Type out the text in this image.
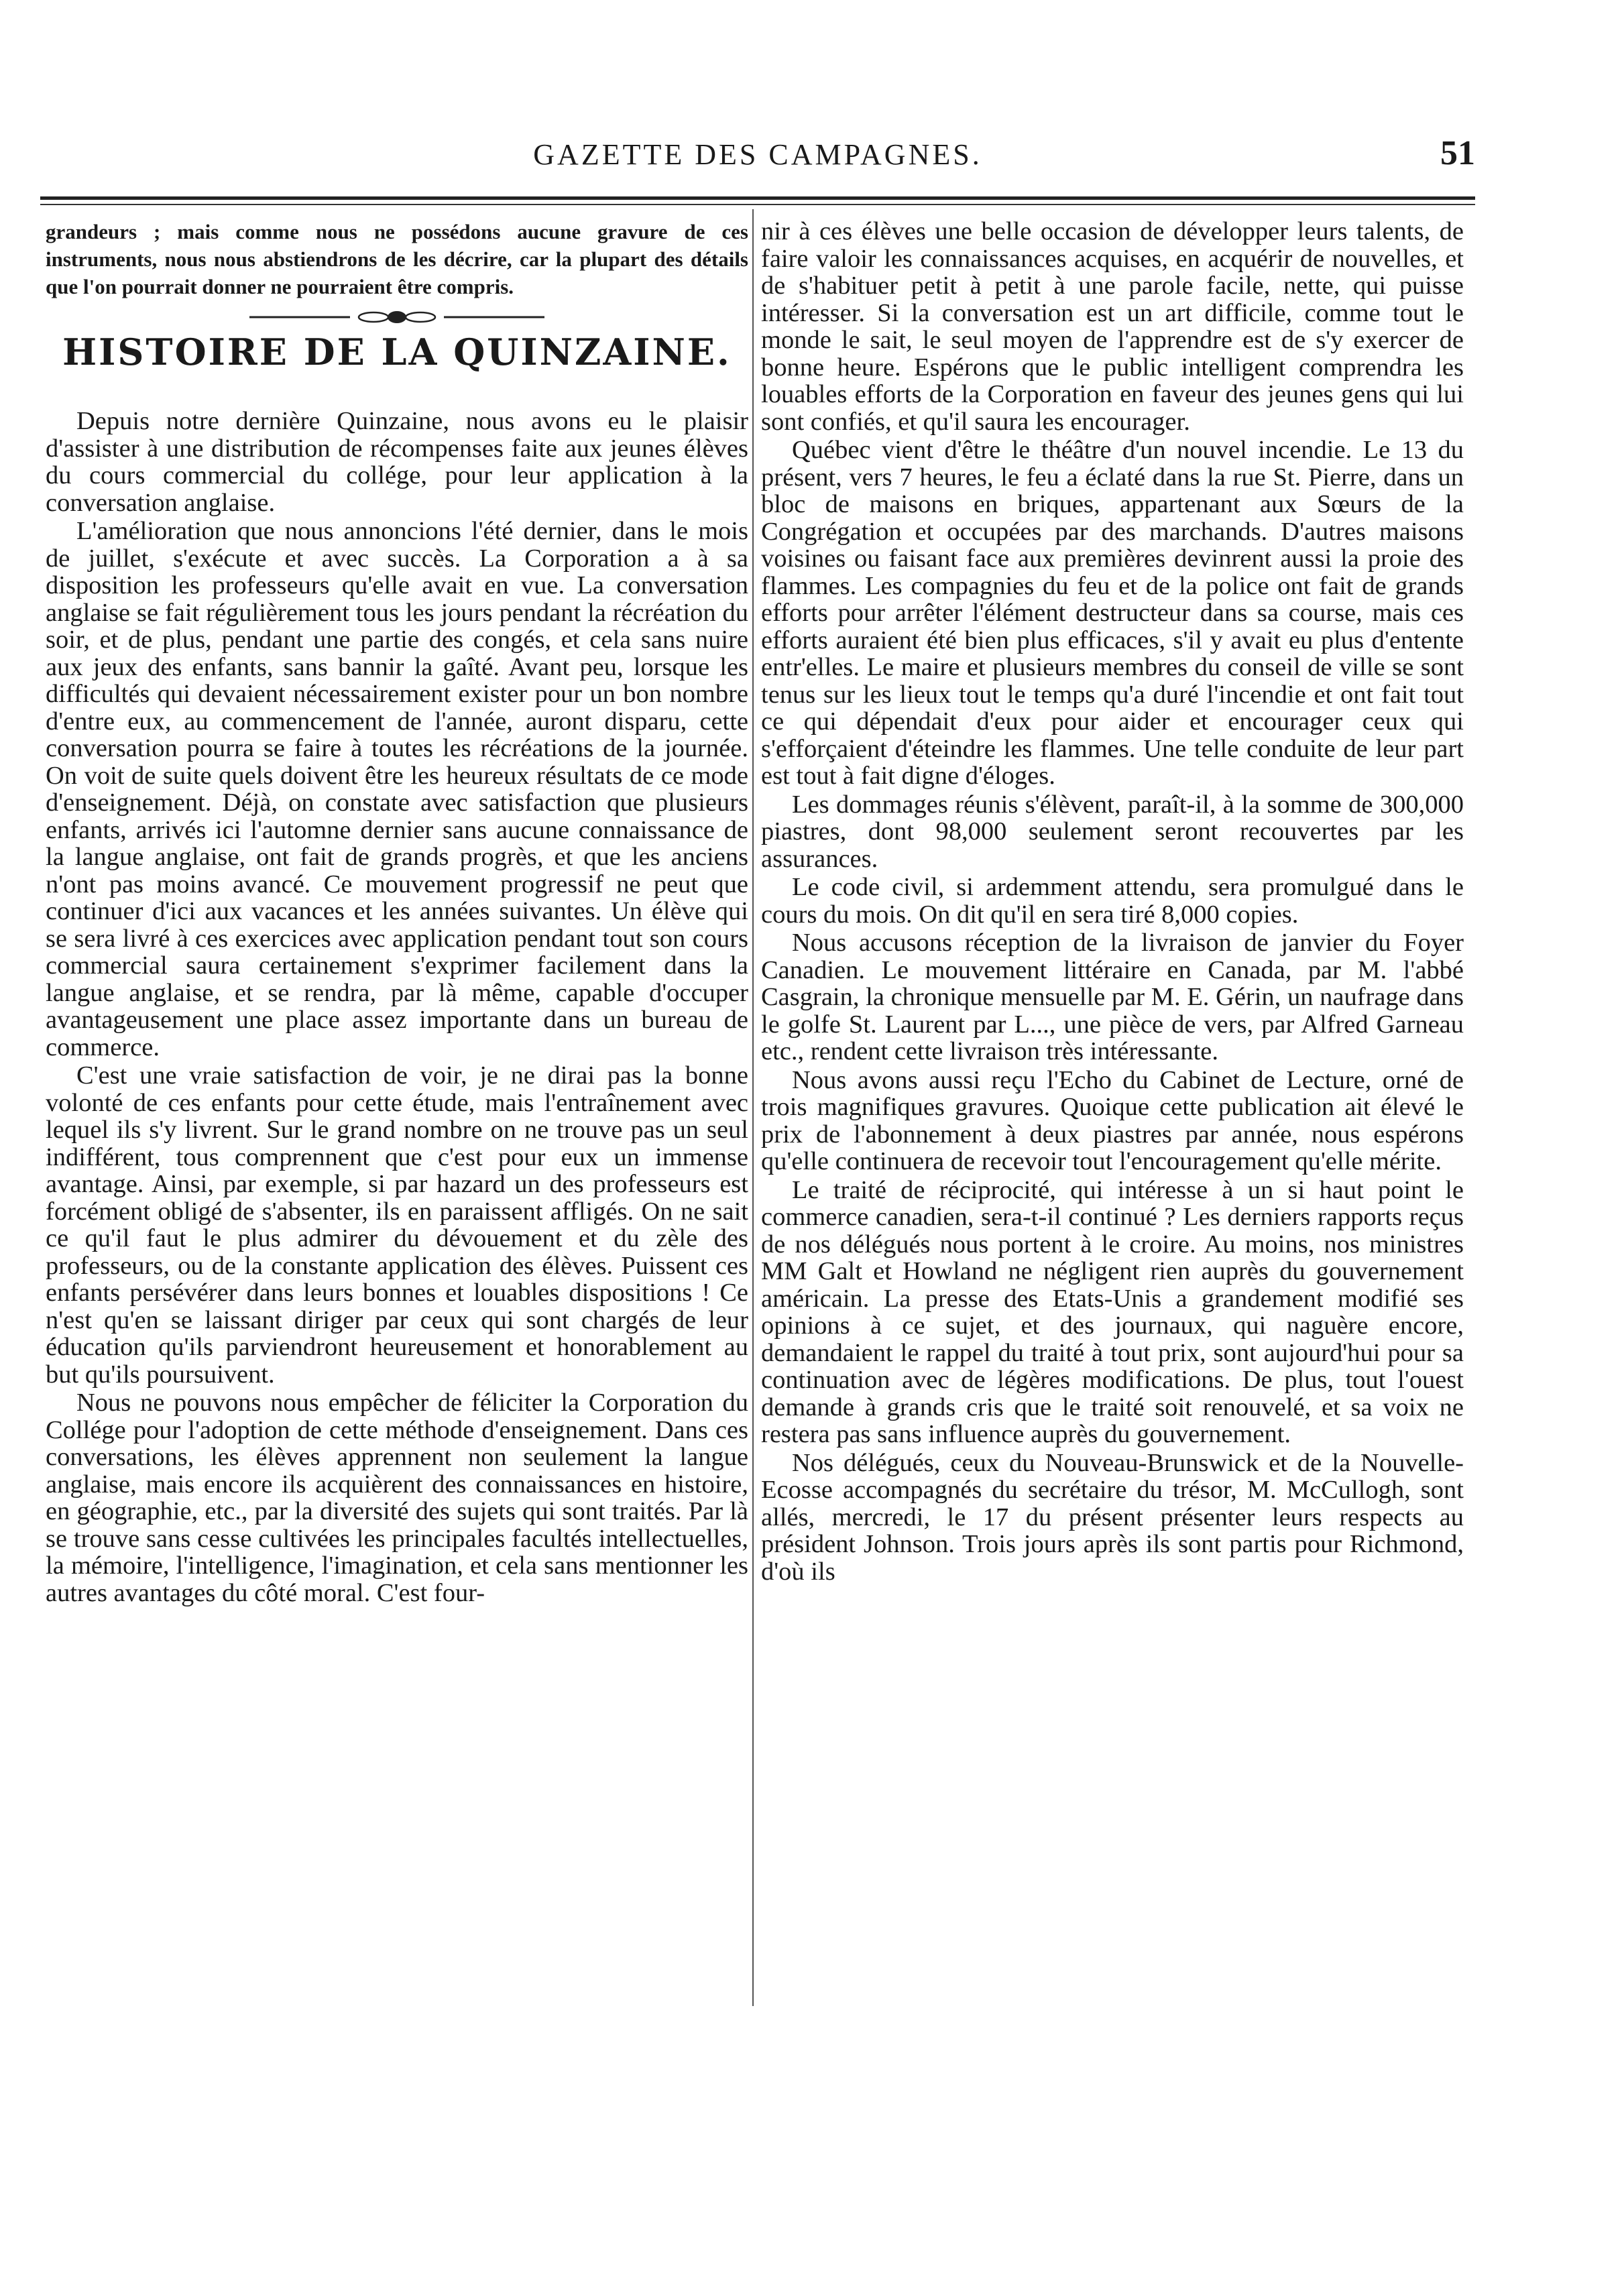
GAZETTE DES CAMPAGNES.	51

grandeurs ; mais comme nous ne possédons aucune gravure de ces instruments, nous nous abstiendrons de les décrire, car la plupart des détails que l'on pourrait donner ne pourraient être compris.

HISTOIRE DE LA QUINZAINE.

Depuis notre dernière Quinzaine, nous avons eu le plaisir d'assister à une distribution de récompenses faite aux jeunes élèves du cours commercial du collége, pour leur application à la conversation anglaise.

L'amélioration que nous annoncions l'été dernier, dans le mois de juillet, s'exécute et avec succès. La Corporation a à sa disposition les professeurs qu'elle avait en vue. La conversation anglaise se fait régulièrement tous les jours pendant la récréation du soir, et de plus, pendant une partie des congés, et cela sans nuire aux jeux des enfants, sans bannir la gaîté. Avant peu, lorsque les difficultés qui devaient nécessairement exister pour un bon nombre d'entre eux, au commencement de l'année, auront disparu, cette conversation pourra se faire à toutes les récréations de la journée. On voit de suite quels doivent être les heureux résultats de ce mode d'enseignement. Déjà, on constate avec satisfaction que plusieurs enfants, arrivés ici l'automne dernier sans aucune connaissance de la langue anglaise, ont fait de grands progrès, et que les anciens n'ont pas moins avancé. Ce mouvement progressif ne peut que continuer d'ici aux vacances et les années suivantes. Un élève qui se sera livré à ces exercices avec application pendant tout son cours commercial saura certainement s'exprimer facilement dans la langue anglaise, et se rendra, par là même, capable d'occuper avantageusement une place assez importante dans un bureau de commerce.

C'est une vraie satisfaction de voir, je ne dirai pas la bonne volonté de ces enfants pour cette étude, mais l'entraînement avec lequel ils s'y livrent. Sur le grand nombre on ne trouve pas un seul indifférent, tous comprennent que c'est pour eux un immense avantage. Ainsi, par exemple, si par hazard un des professeurs est forcément obligé de s'absenter, ils en paraissent affligés. On ne sait ce qu'il faut le plus admirer du dévouement et du zèle des professeurs, ou de la constante application des élèves. Puissent ces enfants persévérer dans leurs bonnes et louables dispositions ! Ce n'est qu'en se laissant diriger par ceux qui sont chargés de leur éducation qu'ils parviendront heureusement et honorablement au but qu'ils poursuivent.

Nous ne pouvons nous empêcher de féliciter la Corporation du Collége pour l'adoption de cette méthode d'enseignement. Dans ces conversations, les élèves apprennent non seulement la langue anglaise, mais encore ils acquièrent des connaissances en histoire, en géographie, etc., par la diversité des sujets qui sont traités. Par là se trouve sans cesse cultivées les principales facultés intellectuelles, la mémoire, l'intelligence, l'imagination, et cela sans mentionner les autres avantages du côté moral. C'est four-

nir à ces élèves une belle occasion de développer leurs talents, de faire valoir les connaissances acquises, en acquérir de nouvelles, et de s'habituer petit à petit à une parole facile, nette, qui puisse intéresser. Si la conversation est un art difficile, comme tout le monde le sait, le seul moyen de l'apprendre est de s'y exercer de bonne heure. Espérons que le public intelligent comprendra les louables efforts de la Corporation en faveur des jeunes gens qui lui sont confiés, et qu'il saura les encourager.

Québec vient d'être le théâtre d'un nouvel incendie. Le 13 du présent, vers 7 heures, le feu a éclaté dans la rue St. Pierre, dans un bloc de maisons en briques, appartenant aux Sœurs de la Congrégation et occupées par des marchands. D'autres maisons voisines ou faisant face aux premières devinrent aussi la proie des flammes. Les compagnies du feu et de la police ont fait de grands efforts pour arrêter l'élément destructeur dans sa course, mais ces efforts auraient été bien plus efficaces, s'il y avait eu plus d'entente entr'elles. Le maire et plusieurs membres du conseil de ville se sont tenus sur les lieux tout le temps qu'a duré l'incendie et ont fait tout ce qui dépendait d'eux pour aider et encourager ceux qui s'efforçaient d'éteindre les flammes. Une telle conduite de leur part est tout à fait digne d'éloges.

Les dommages réunis s'élèvent, paraît-il, à la somme de 300,000 piastres, dont 98,000 seulement seront recouvertes par les assurances.

Le code civil, si ardemment attendu, sera promulgué dans le cours du mois. On dit qu'il en sera tiré 8,000 copies.

Nous accusons réception de la livraison de janvier du Foyer Canadien. Le mouvement littéraire en Canada, par M. l'abbé Casgrain, la chronique mensuelle par M. E. Gérin, un naufrage dans le golfe St. Laurent par L..., une pièce de vers, par Alfred Garneau etc., rendent cette livraison très intéressante.

Nous avons aussi reçu l'Echo du Cabinet de Lecture, orné de trois magnifiques gravures. Quoique cette publication ait élevé le prix de l'abonnement à deux piastres par année, nous espérons qu'elle continuera de recevoir tout l'encouragement qu'elle mérite.

Le traité de réciprocité, qui intéresse à un si haut point le commerce canadien, sera-t-il continué ? Les derniers rapports reçus de nos délégués nous portent à le croire. Au moins, nos ministres MM Galt et Howland ne négligent rien auprès du gouvernement américain. La presse des Etats-Unis a grandement modifié ses opinions à ce sujet, et des journaux, qui naguère encore, demandaient le rappel du traité à tout prix, sont aujourd'hui pour sa continuation avec de légères modifications. De plus, tout l'ouest demande à grands cris que le traité soit renouvelé, et sa voix ne restera pas sans influence auprès du gouvernement.

Nos délégués, ceux du Nouveau-Brunswick et de la Nouvelle-Ecosse accompagnés du secrétaire du trésor, M. McCullogh, sont allés, mercredi, le 17 du présent présenter leurs respects au président Johnson. Trois jours après ils sont partis pour Richmond, d'où ils
